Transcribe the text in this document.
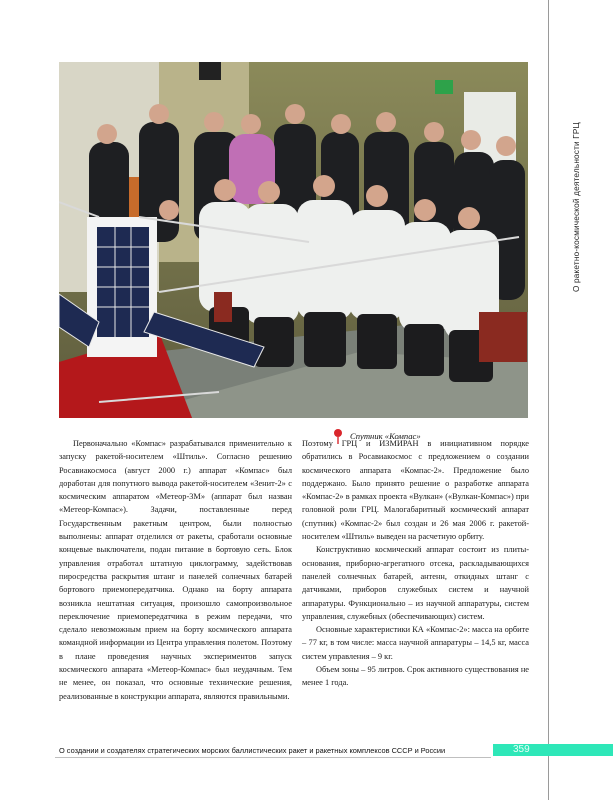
Спутник «Компас»

Первоначально «Компас» разрабатывался применительно к запуску ракетой-носителем «Штиль». Согласно решению Росавиакосмоса (август 2000 г.) аппарат «Компас» был доработан для попутного вывода ракетой-носителем «Зенит-2» с космическим аппаратом «Метеор-3М» (аппарат был назван «Метеор-Компас»). Задачи, поставленные перед Государственным ракетным центром, были полностью выполнены: аппарат отделился от ракеты, сработали основные концевые выключатели, подан питание в бортовую сеть. Блок управления отработал штатную циклограмму, задействовав пиросредства раскрытия штанг и панелей солнечных батарей бортового приемопередатчика. Однако на борту аппарата возникла нештатная ситуация, произошло самопроизвольное переключение приемопередатчика в режим передачи, что сделало невозможным прием на борту космического аппарата командной информации из Центра управления полетом. Поэтому в плане проведения научных экспериментов запуск космического аппарата «Метеор-Компас» был неудачным. Тем не менее, он показал, что основные технические решения, реализованные в конструкции аппарата, являются правильными.

Поэтому ГРЦ и ИЗМИРАН в инициативном порядке обратились в Росавиакосмос с предложением о создании космического аппарата «Компас-2». Предложение было поддержано. Было принято решение о разработке аппарата «Компас-2» в рамках проекта «Вулкан» («Вулкан-Компас») при головной роли ГРЦ. Малогабаритный космический аппарат (спутник) «Компас-2» был создан и 26 мая 2006 г. ракетой-носителем «Штиль» выведен на расчетную орбиту.

Конструктивно космический аппарат состоит из плиты-основания, приборно-агрегатного отсека, раскладывающихся панелей солнечных батарей, антенн, откидных штанг с датчиками, приборов служебных систем и научной аппаратуры. Функционально – из научной аппаратуры, систем управления, служебных (обеспечивающих) систем.

Основные характеристики КА «Компас-2»: масса на орбите – 77 кг, в том числе: масса научной аппаратуры – 14,5 кг, масса систем управления – 9 кг.

Объем зоны – 95 литров. Срок активного существования не менее 1 года.

О ракетно-космической деятельности ГРЦ
О создании и создателях стратегических морских баллистических ракет и ракетных комплексов СССР и России	359
